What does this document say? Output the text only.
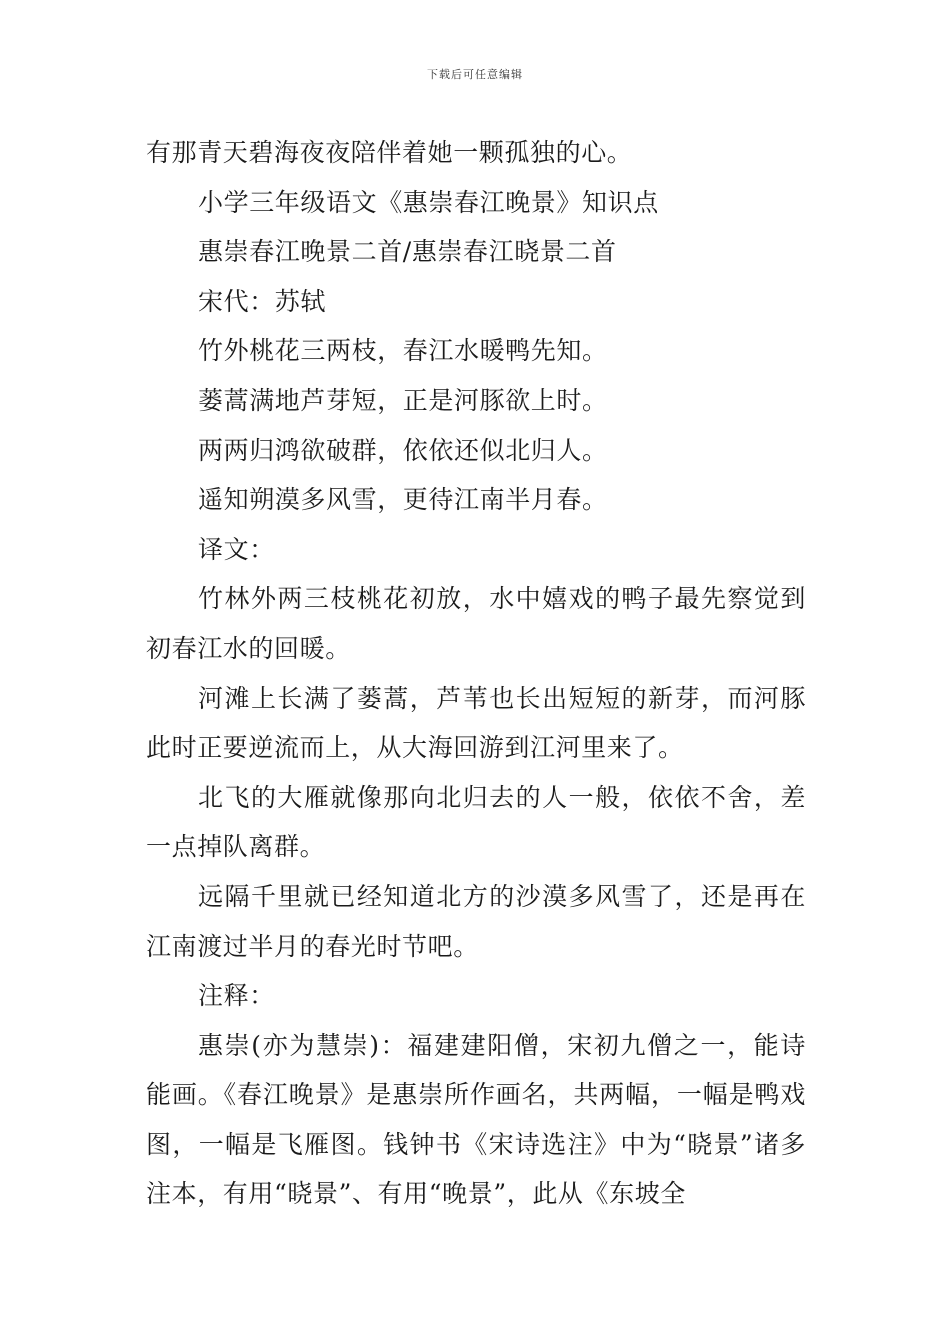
下载后可任意编辑

有那青天碧海夜夜陪伴着她一颗孤独的心。

小学三年级语文《惠崇春江晚景》知识点

惠崇春江晚景二首/惠崇春江晓景二首

宋代：苏轼

竹外桃花三两枝，春江水暖鸭先知。

蒌蒿满地芦芽短，正是河豚欲上时。

两两归鸿欲破群，依依还似北归人。

遥知朔漠多风雪，更待江南半月春。

译文：

竹林外两三枝桃花初放，水中嬉戏的鸭子最先察觉到初春江水的回暖。

河滩上长满了蒌蒿，芦苇也长出短短的新芽，而河豚此时正要逆流而上，从大海回游到江河里来了。

北飞的大雁就像那向北归去的人一般，依依不舍，差一点掉队离群。

远隔千里就已经知道北方的沙漠多风雪了，还是再在江南渡过半月的春光时节吧。

注释：

惠崇(亦为慧崇)：福建建阳僧，宋初九僧之一，能诗能画。《春江晚景》是惠崇所作画名，共两幅，一幅是鸭戏图，一幅是飞雁图。钱钟书《宋诗选注》中为“晓景”诸多注本，有用“晓景”、有用“晚景”，此从《东坡全
